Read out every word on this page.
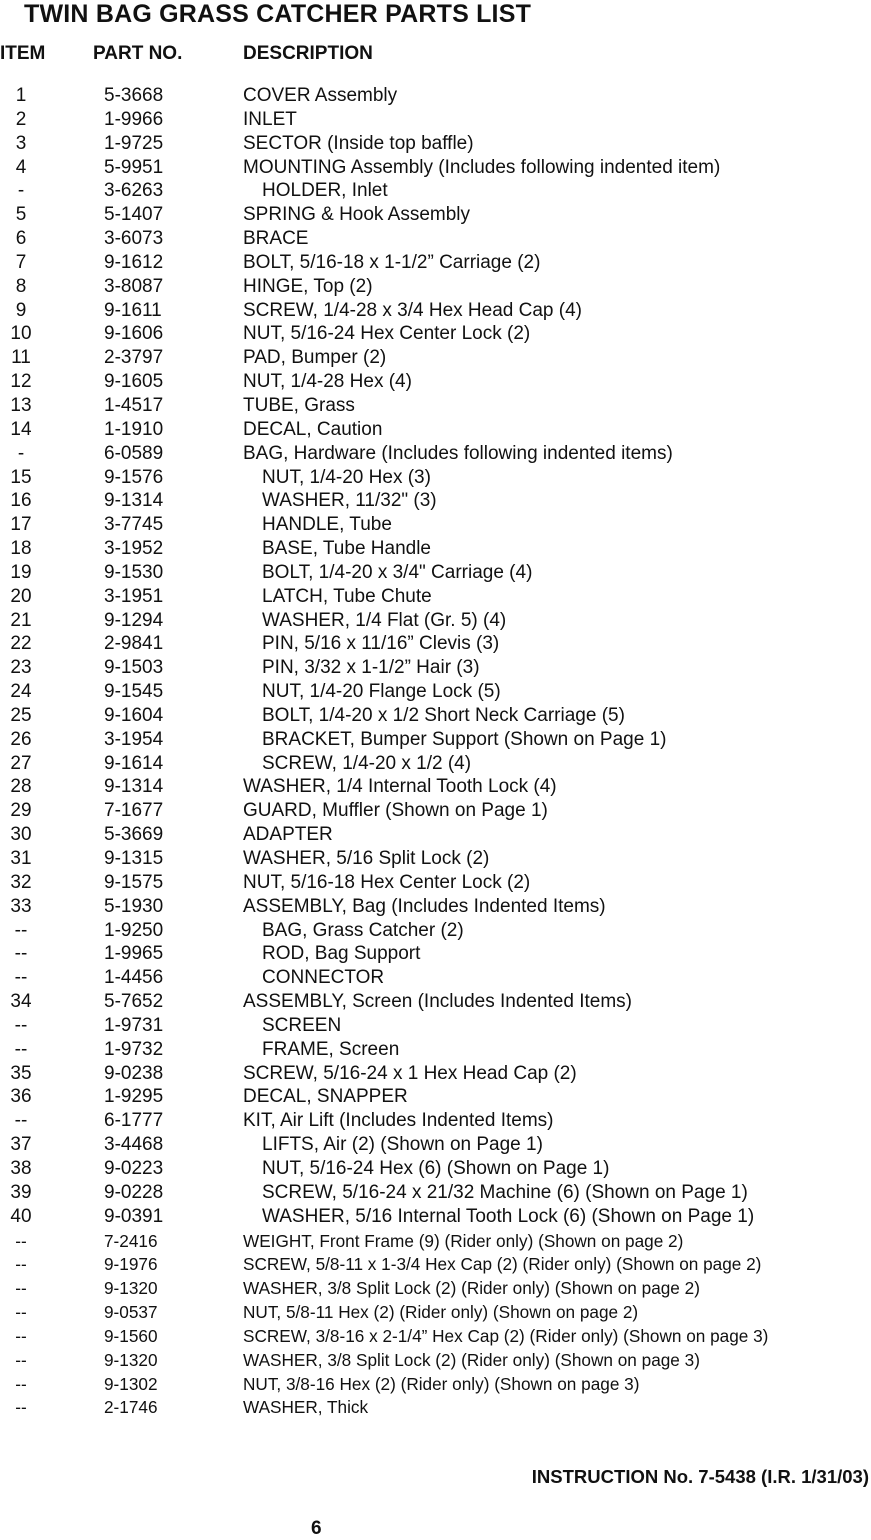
TWIN BAG GRASS CATCHER PARTS LIST
ITEM	PART NO.	DESCRIPTION
1	5-3668	COVER Assembly
2	1-9966	INLET
3	1-9725	SECTOR (Inside top baffle)
4	5-9951	MOUNTING Assembly (Includes following indented item)
-	3-6263	HOLDER, Inlet
5	5-1407	SPRING & Hook Assembly
6	3-6073	BRACE
7	9-1612	BOLT, 5/16-18 x 1-1/2” Carriage (2)
8	3-8087	HINGE, Top (2)
9	9-1611	SCREW, 1/4-28 x 3/4 Hex Head Cap (4)
10	9-1606	NUT, 5/16-24 Hex Center Lock (2)
11	2-3797	PAD, Bumper (2)
12	9-1605	NUT, 1/4-28 Hex (4)
13	1-4517	TUBE, Grass
14	1-1910	DECAL, Caution
-	6-0589	BAG, Hardware (Includes following indented items)
15	9-1576	NUT, 1/4-20 Hex (3)
16	9-1314	WASHER, 11/32" (3)
17	3-7745	HANDLE, Tube
18	3-1952	BASE, Tube Handle
19	9-1530	BOLT, 1/4-20 x 3/4" Carriage (4)
20	3-1951	LATCH, Tube Chute
21	9-1294	WASHER, 1/4 Flat (Gr. 5) (4)
22	2-9841	PIN, 5/16 x 11/16” Clevis (3)
23	9-1503	PIN, 3/32 x 1-1/2” Hair (3)
24	9-1545	NUT, 1/4-20 Flange Lock (5)
25	9-1604	BOLT, 1/4-20 x 1/2 Short Neck Carriage (5)
26	3-1954	BRACKET, Bumper Support (Shown on Page 1)
27	9-1614	SCREW, 1/4-20 x 1/2 (4)
28	9-1314	WASHER, 1/4 Internal Tooth Lock (4)
29	7-1677	GUARD, Muffler (Shown on Page 1)
30	5-3669	ADAPTER
31	9-1315	WASHER, 5/16 Split Lock (2)
32	9-1575	NUT, 5/16-18 Hex Center Lock (2)
33	5-1930	ASSEMBLY, Bag (Includes Indented Items)
--	1-9250	BAG, Grass Catcher (2)
--	1-9965	ROD, Bag Support
--	1-4456	CONNECTOR
34	5-7652	ASSEMBLY, Screen (Includes Indented Items)
--	1-9731	SCREEN
--	1-9732	FRAME, Screen
35	9-0238	SCREW, 5/16-24 x 1 Hex Head Cap (2)
36	1-9295	DECAL, SNAPPER
--	6-1777	KIT, Air Lift (Includes Indented Items)
37	3-4468	LIFTS, Air (2) (Shown on Page 1)
38	9-0223	NUT, 5/16-24 Hex (6) (Shown on Page 1)
39	9-0228	SCREW, 5/16-24 x 21/32 Machine (6) (Shown on Page 1)
40	9-0391	WASHER, 5/16 Internal Tooth Lock (6) (Shown on Page 1)
--	7-2416	WEIGHT, Front Frame (9) (Rider only) (Shown on page 2)
--	9-1976	SCREW, 5/8-11 x 1-3/4 Hex Cap (2) (Rider only) (Shown on page 2)
--	9-1320	WASHER, 3/8 Split Lock (2) (Rider only) (Shown on page 2)
--	9-0537	NUT, 5/8-11 Hex (2) (Rider only) (Shown on page 2)
--	9-1560	SCREW, 3/8-16 x 2-1/4” Hex Cap (2) (Rider only) (Shown on page 3)
--	9-1320	WASHER, 3/8 Split Lock (2) (Rider only) (Shown on page 3)
--	9-1302	NUT, 3/8-16 Hex (2) (Rider only) (Shown on page 3)
--	2-1746	WASHER, Thick
INSTRUCTION No. 7-5438 (I.R. 1/31/03)
6
